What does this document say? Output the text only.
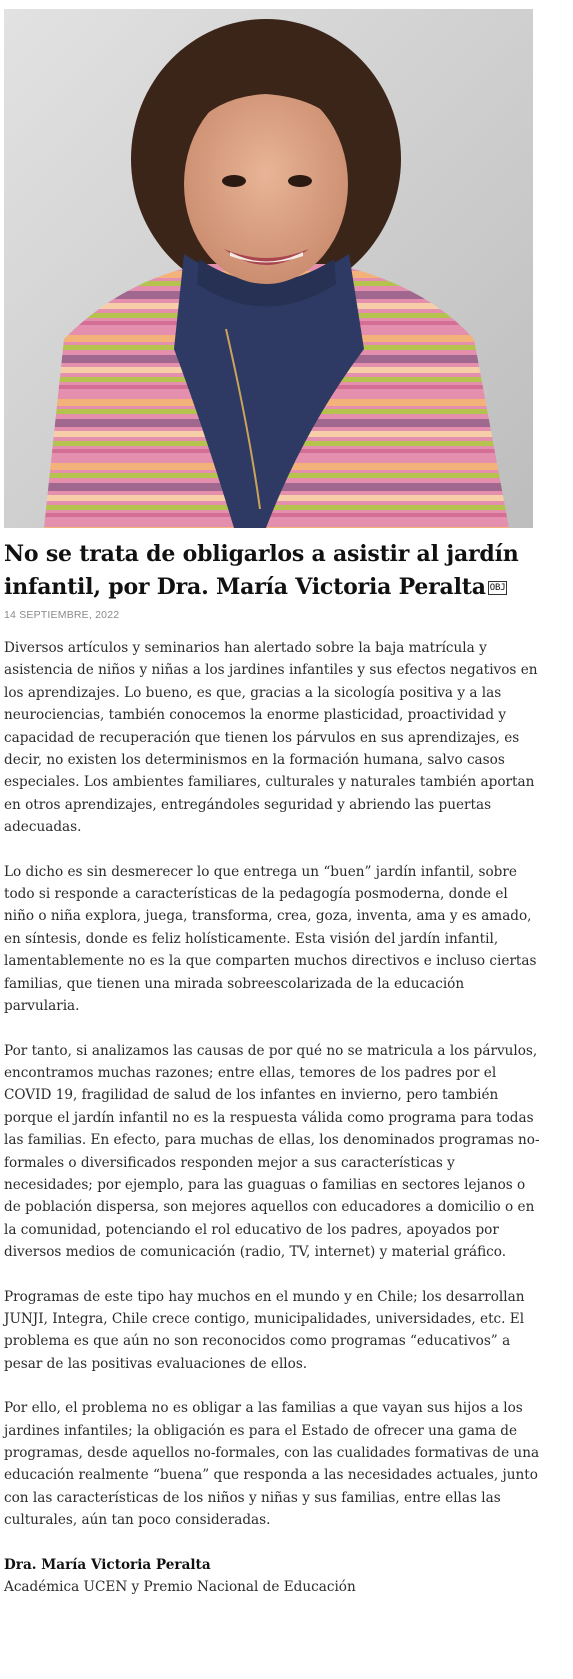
No se trata de obligarlos a asistir al jardín infantil, por Dra. María Victoria Peralta OBJ

14 SEPTIEMBRE, 2022

Diversos artículos y seminarios han alertado sobre la baja matrícula y asistencia de niños y niñas a los jardines infantiles y sus efectos negativos en los aprendizajes. Lo bueno, es que, gracias a la sicología positiva y a las neurociencias, también conocemos la enorme plasticidad, proactividad y capacidad de recuperación que tienen los párvulos en sus aprendizajes, es decir, no existen los determinismos en la formación humana, salvo casos especiales. Los ambientes familiares, culturales y naturales también aportan en otros aprendizajes, entregándoles seguridad y abriendo las puertas adecuadas.

Lo dicho es sin desmerecer lo que entrega un “buen” jardín infantil, sobre todo si responde a características de la pedagogía posmoderna, donde el niño o niña explora, juega, transforma, crea, goza, inventa, ama y es amado, en síntesis, donde es feliz holísticamente. Esta visión del jardín infantil, lamentablemente no es la que comparten muchos directivos e incluso ciertas familias, que tienen una mirada sobreescolarizada de la educación parvularia.

Por tanto, si analizamos las causas de por qué no se matricula a los párvulos, encontramos muchas razones; entre ellas, temores de los padres por el COVID 19, fragilidad de salud de los infantes en invierno, pero también porque el jardín infantil no es la respuesta válida como programa para todas las familias. En efecto, para muchas de ellas, los denominados programas no-formales o diversificados responden mejor a sus características y necesidades; por ejemplo, para las guaguas o familias en sectores lejanos o de población dispersa, son mejores aquellos con educadores a domicilio o en la comunidad, potenciando el rol educativo de los padres, apoyados por diversos medios de comunicación (radio, TV, internet) y material gráfico.

Programas de este tipo hay muchos en el mundo y en Chile; los desarrollan JUNJI, Integra, Chile crece contigo, municipalidades, universidades, etc. El problema es que aún no son reconocidos como programas “educativos” a pesar de las positivas evaluaciones de ellos.

Por ello, el problema no es obligar a las familias a que vayan sus hijos a los jardines infantiles; la obligación es para el Estado de ofrecer una gama de programas, desde aquellos no-formales, con las cualidades formativas de una educación realmente “buena” que responda a las necesidades actuales, junto con las características de los niños y niñas y sus familias, entre ellas las culturales, aún tan poco consideradas.

Dra. María Victoria Peralta

Académica UCEN y Premio Nacional de Educación
